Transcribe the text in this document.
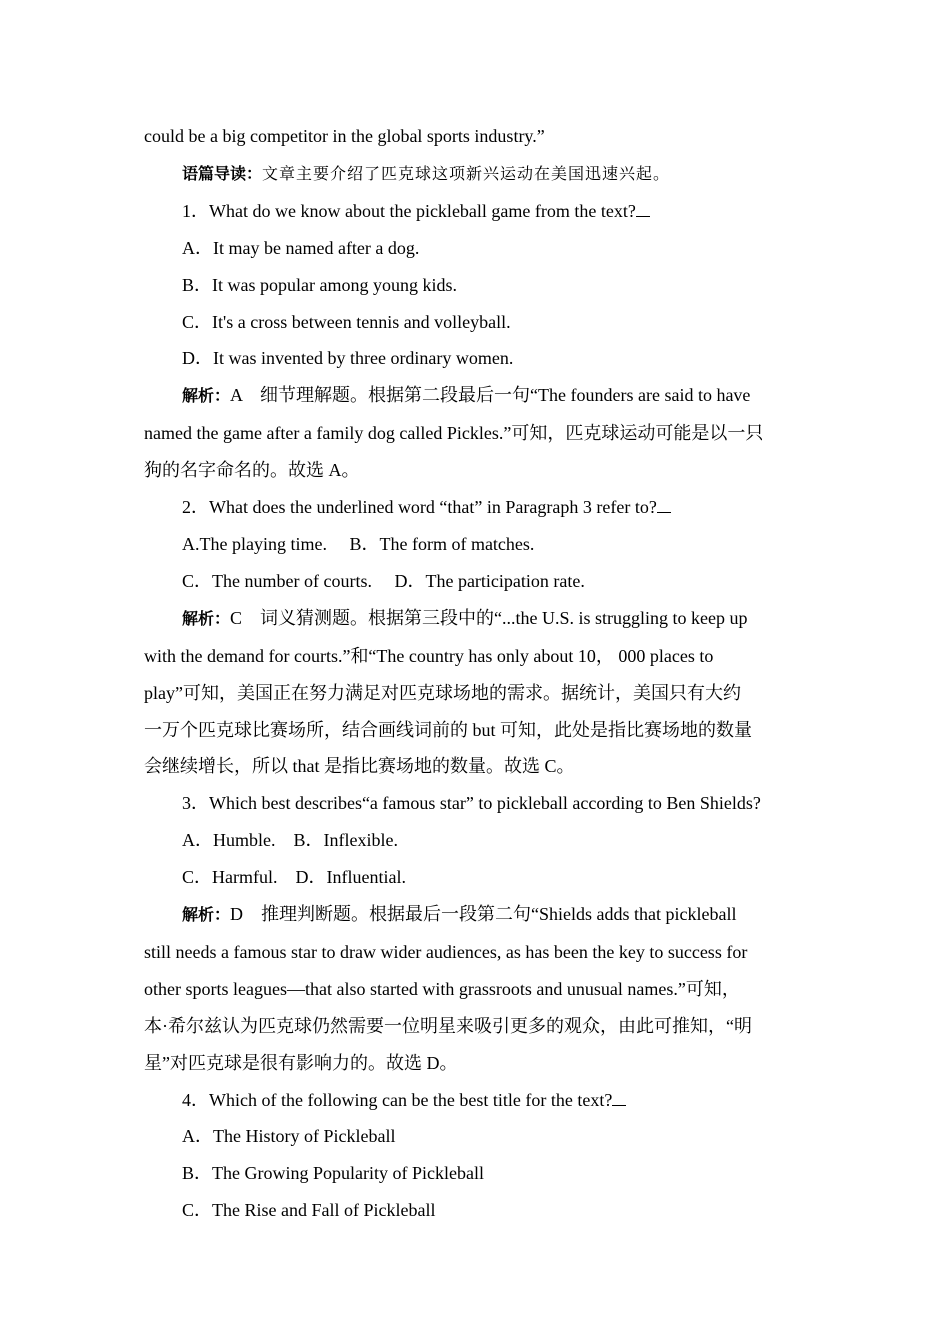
could be a big competitor in the global sports industry.”

语篇导读：文章主要介绍了匹克球这项新兴运动在美国迅速兴起。

1．What do we know about the pickleball game from the text?

A．It may be named after a dog.

B．It was popular among young kids.

C．It's a cross between tennis and volleyball.

D．It was invented by three ordinary women.

解析：A　细节理解题。根据第二段最后一句“The founders are said to have

named the game after a family dog called Pickles.”可知，匹克球运动可能是以一只

狗的名字命名的。故选 A。

2．What does the underlined word “that” in Paragraph 3 refer to?

A.The playing time.　 B．The form of matches.

C．The number of courts.　 D．The participation rate.

解析：C　词义猜测题。根据第三段中的“...the U.S. is struggling to keep up

with the demand for courts.”和“The country has only about 10， 000 places to

play”可知，美国正在努力满足对匹克球场地的需求。据统计，美国只有大约

一万个匹克球比赛场所，结合画线词前的 but 可知，此处是指比赛场地的数量

会继续增长，所以 that 是指比赛场地的数量。故选 C。

3．Which best describes“a famous star” to pickleball according to Ben Shields?

A．Humble.　B．Inflexible.

C．Harmful.　D．Influential.

解析：D　推理判断题。根据最后一段第二句“Shields adds that pickleball

still needs a famous star to draw wider audiences, as has been the key to success for

other sports leagues—that also started with grassroots and unusual names.”可知，

本·希尔兹认为匹克球仍然需要一位明星来吸引更多的观众，由此可推知，“明

星”对匹克球是很有影响力的。故选 D。

4．Which of the following can be the best title for the text?

A．The History of Pickleball

B．The Growing Popularity of Pickleball

C．The Rise and Fall of Pickleball
